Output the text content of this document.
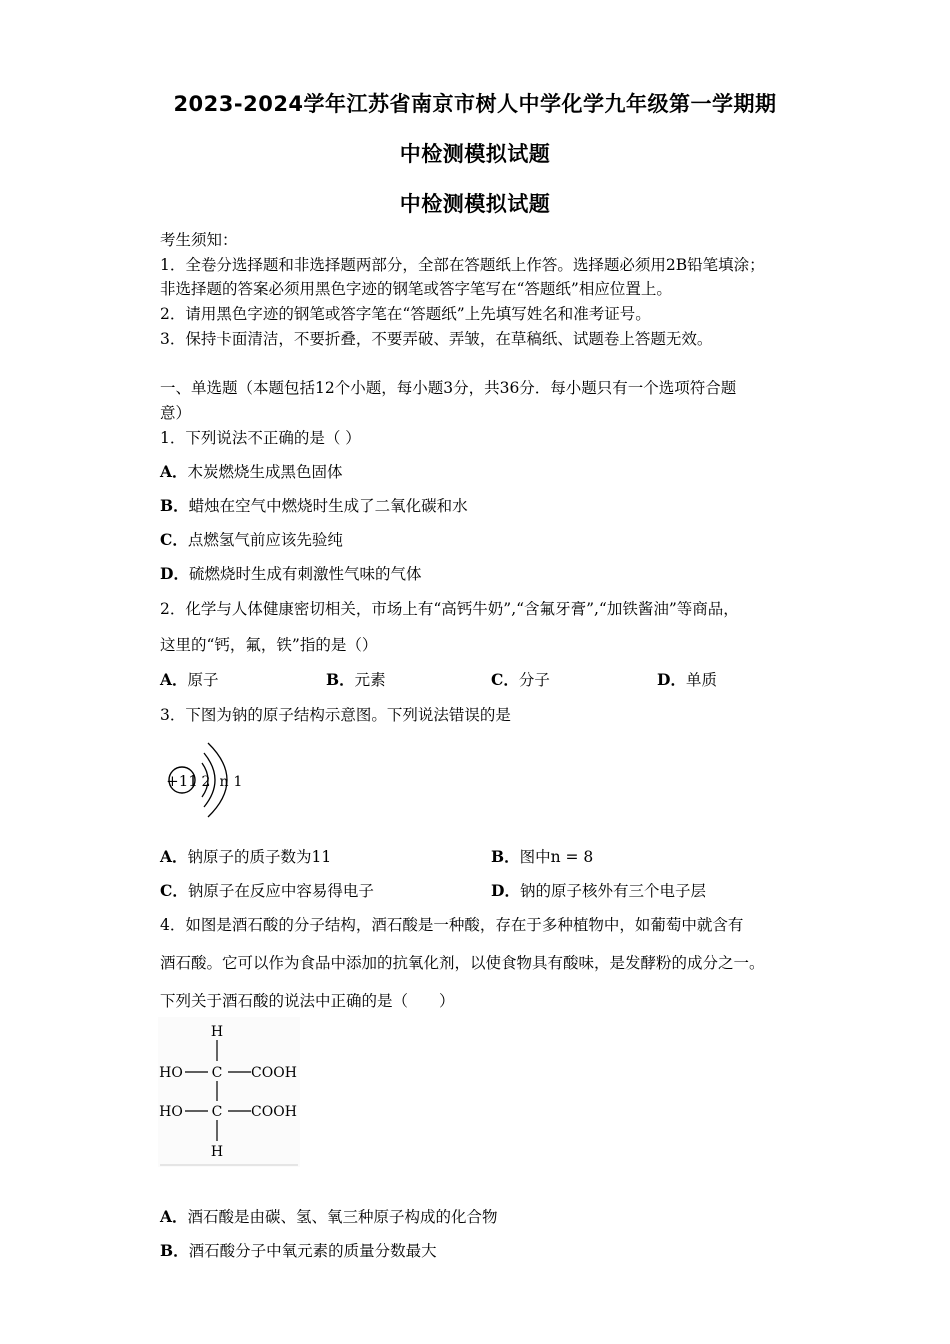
2023-2024学年江苏省南京市树人中学化学九年级第一学期期
中检测模拟试题
中检测模拟试题
考生须知：
1．全卷分选择题和非选择题两部分，全部在答题纸上作答。选择题必须用2B铅笔填涂；
非选择题的答案必须用黑色字迹的钢笔或答字笔写在“答题纸”相应位置上。
2．请用黑色字迹的钢笔或答字笔在“答题纸”上先填写姓名和准考证号。
3．保持卡面清洁，不要折叠，不要弄破、弄皱，在草稿纸、试题卷上答题无效。
一、单选题（本题包括12个小题，每小题3分，共36分．每小题只有一个选项符合题
意）
1．下列说法不正确的是（ ）
A．木炭燃烧生成黑色固体
B．蜡烛在空气中燃烧时生成了二氧化碳和水
C．点燃氢气前应该先验纯
D．硫燃烧时生成有刺激性气味的气体
2．化学与人体健康密切相关，市场上有“高钙牛奶”,“含氟牙膏”,“加铁酱油”等商品，
这里的“钙，氟，铁”指的是（）
A．原子	B．元素	C．分子	D．单质
3．下图为钠的原子结构示意图。下列说法错误的是
+11 2 n 1
A．钠原子的质子数为11	B．图中n = 8
C．钠原子在反应中容易得电子	D．钠的原子核外有三个电子层
4．如图是酒石酸的分子结构，酒石酸是一种酸，存在于多种植物中，如葡萄中就含有
酒石酸。它可以作为食品中添加的抗氧化剂，以使食物具有酸味，是发酵粉的成分之一。
下列关于酒石酸的说法中正确的是（　　）
H
HO C COOH
HO C COOH
H
A．酒石酸是由碳、氢、氧三种原子构成的化合物
B．酒石酸分子中氧元素的质量分数最大
